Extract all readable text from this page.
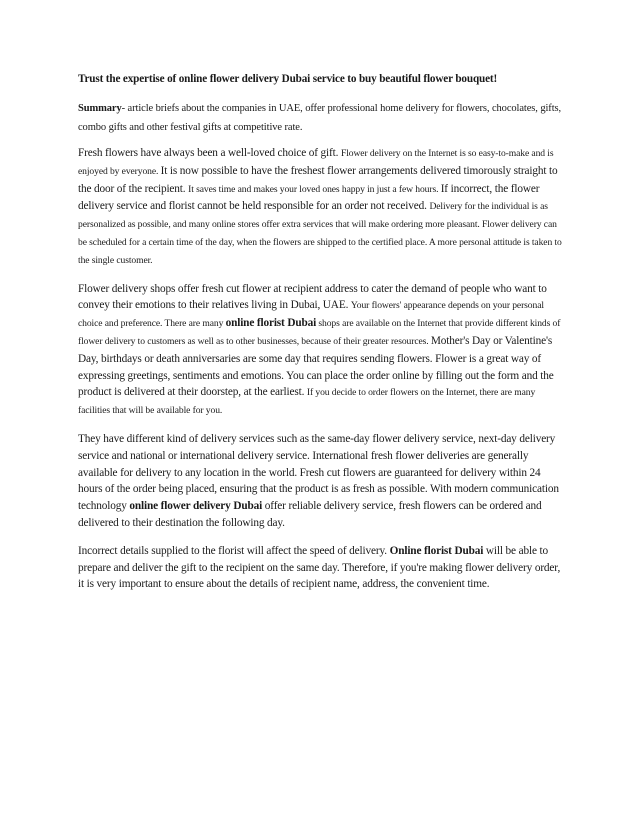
Trust the expertise of online flower delivery Dubai service to buy beautiful flower bouquet!

Summary- article briefs about the companies in UAE, offer professional home delivery for flowers, chocolates, gifts, combo gifts and other festival gifts at competitive rate.

Fresh flowers have always been a well-loved choice of gift. Flower delivery on the Internet is so easy-to-make and is enjoyed by everyone. It is now possible to have the freshest flower arrangements delivered timorously straight to the door of the recipient. It saves time and makes your loved ones happy in just a few hours. If incorrect, the flower delivery service and florist cannot be held responsible for an order not received. Delivery for the individual is as personalized as possible, and many online stores offer extra services that will make ordering more pleasant. Flower delivery can be scheduled for a certain time of the day, when the flowers are shipped to the certified place. A more personal attitude is taken to the single customer.

Flower delivery shops offer fresh cut flower at recipient address to cater the demand of people who want to convey their emotions to their relatives living in Dubai, UAE. Your flowers' appearance depends on your personal choice and preference. There are many online florist Dubai shops are available on the Internet that provide different kinds of flower delivery to customers as well as to other businesses, because of their greater resources. Mother's Day or Valentine's Day, birthdays or death anniversaries are some day that requires sending flowers. Flower is a great way of expressing greetings, sentiments and emotions. You can place the order online by filling out the form and the product is delivered at their doorstep, at the earliest. If you decide to order flowers on the Internet, there are many facilities that will be available for you.

They have different kind of delivery services such as the same-day flower delivery service, next-day delivery service and national or international delivery service. International fresh flower deliveries are generally available for delivery to any location in the world. Fresh cut flowers are guaranteed for delivery within 24 hours of the order being placed, ensuring that the product is as fresh as possible. With modern communication technology online flower delivery Dubai offer reliable delivery service, fresh flowers can be ordered and delivered to their destination the following day.

Incorrect details supplied to the florist will affect the speed of delivery. Online florist Dubai will be able to prepare and deliver the gift to the recipient on the same day. Therefore, if you're making flower delivery order, it is very important to ensure about the details of recipient name, address, the convenient time.
